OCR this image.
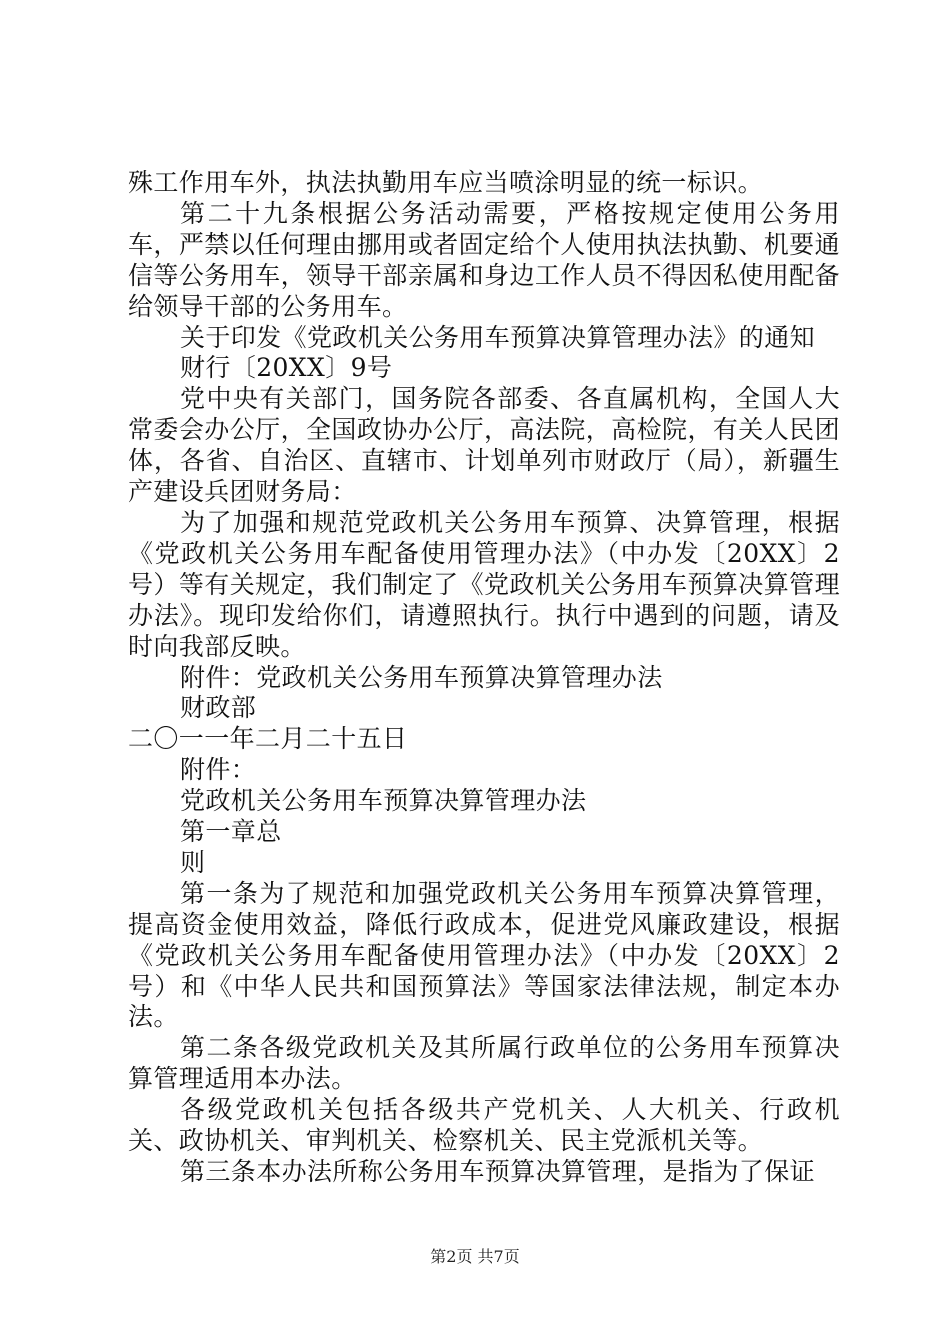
殊工作用车外，执法执勤用车应当喷涂明显的统一标识。

第二十九条根据公务活动需要，严格按规定使用公务用车，严禁以任何理由挪用或者固定给个人使用执法执勤、机要通信等公务用车，领导干部亲属和身边工作人员不得因私使用配备给领导干部的公务用车。

关于印发《党政机关公务用车预算决算管理办法》的通知

财行〔20XX〕9号

党中央有关部门，国务院各部委、各直属机构，全国人大常委会办公厅，全国政协办公厅，高法院，高检院，有关人民团体，各省、自治区、直辖市、计划单列市财政厅（局），新疆生产建设兵团财务局：

为了加强和规范党政机关公务用车预算、决算管理，根据《党政机关公务用车配备使用管理办法》（中办发〔20XX〕2号）等有关规定，我们制定了《党政机关公务用车预算决算管理办法》。现印发给你们，请遵照执行。执行中遇到的问题，请及时向我部反映。

附件：党政机关公务用车预算决算管理办法

财政部

二〇一一年二月二十五日

附件：

党政机关公务用车预算决算管理办法

第一章总

则

第一条为了规范和加强党政机关公务用车预算决算管理，提高资金使用效益，降低行政成本，促进党风廉政建设，根据《党政机关公务用车配备使用管理办法》（中办发〔20XX〕2号）和《中华人民共和国预算法》等国家法律法规，制定本办法。

第二条各级党政机关及其所属行政单位的公务用车预算决算管理适用本办法。

各级党政机关包括各级共产党机关、人大机关、行政机关、政协机关、审判机关、检察机关、民主党派机关等。

第三条本办法所称公务用车预算决算管理，是指为了保证

第2页 共7页
